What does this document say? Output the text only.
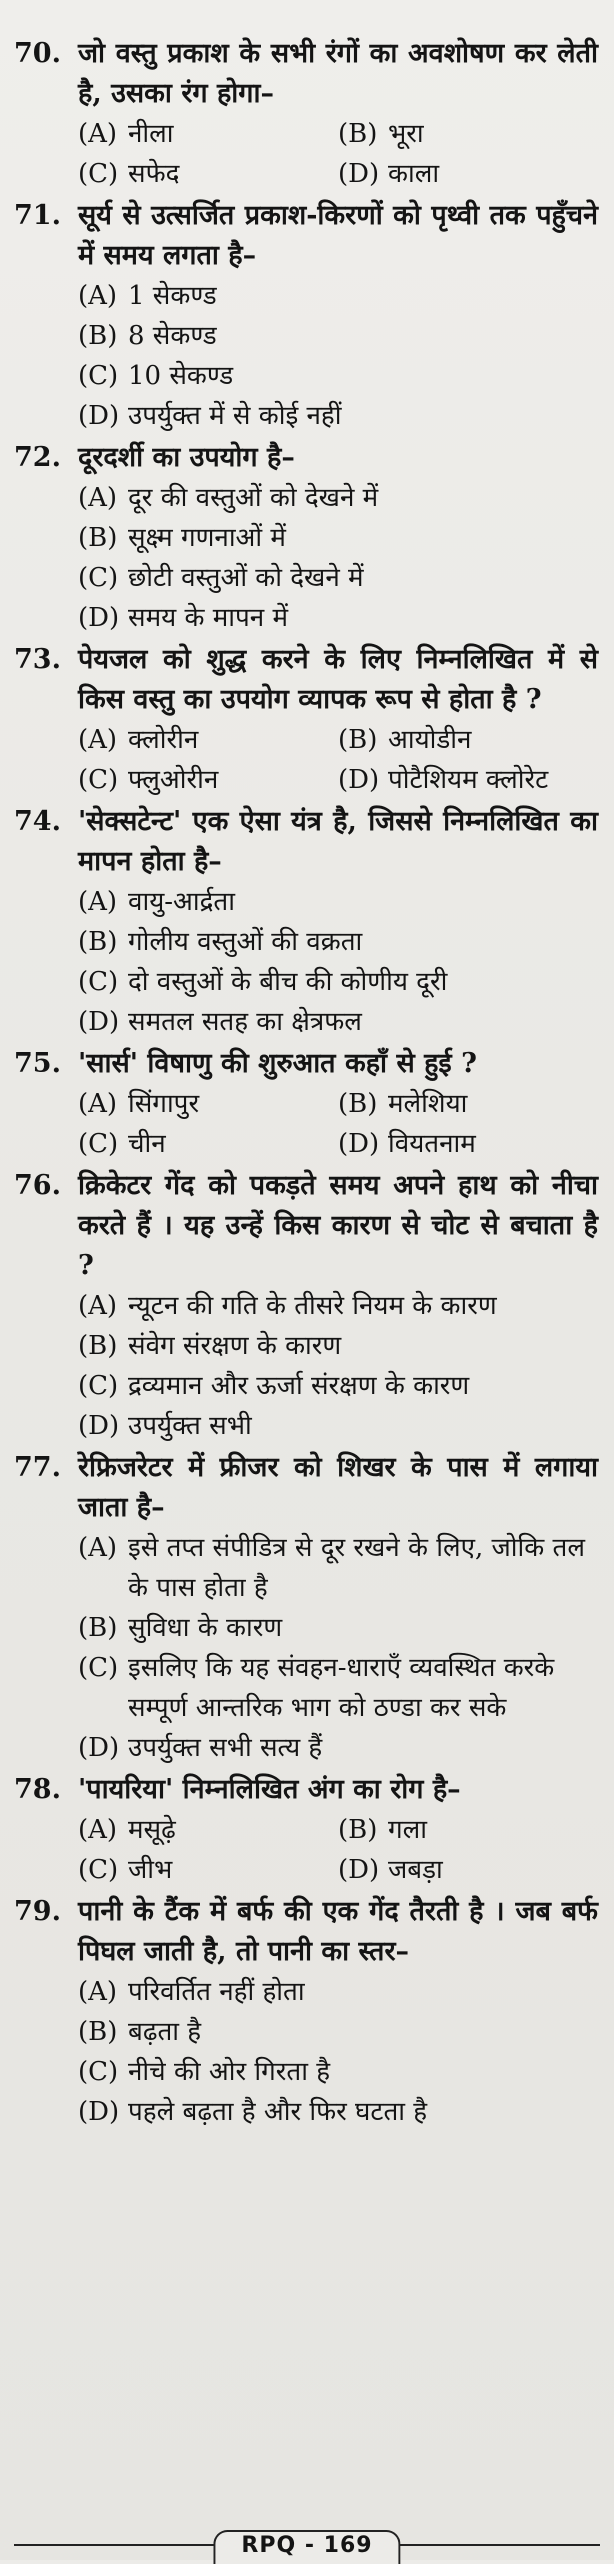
70. जो वस्तु प्रकाश के सभी रंगों का अवशोषण कर लेती है, उसका रंग होगा–
(A) नीला	(B) भूरा
(C) सफेद	(D) काला
71. सूर्य से उत्सर्जित प्रकाश-किरणों को पृथ्वी तक पहुँचने में समय लगता है–
(A) 1 सेकण्ड
(B) 8 सेकण्ड
(C) 10 सेकण्ड
(D) उपर्युक्त में से कोई नहीं
72. दूरदर्शी का उपयोग है–
(A) दूर की वस्तुओं को देखने में
(B) सूक्ष्म गणनाओं में
(C) छोटी वस्तुओं को देखने में
(D) समय के मापन में
73. पेयजल को शुद्ध करने के लिए निम्नलिखित में से किस वस्तु का उपयोग व्यापक रूप से होता है ?
(A) क्लोरीन	(B) आयोडीन
(C) फ्लुओरीन	(D) पोटैशियम क्लोरेट
74. 'सेक्सटेन्ट' एक ऐसा यंत्र है, जिससे निम्नलिखित का मापन होता है–
(A) वायु-आर्द्रता
(B) गोलीय वस्तुओं की वक्रता
(C) दो वस्तुओं के बीच की कोणीय दूरी
(D) समतल सतह का क्षेत्रफल
75. 'सार्स' विषाणु की शुरुआत कहाँ से हुई ?
(A) सिंगापुर	(B) मलेशिया
(C) चीन	(D) वियतनाम
76. क्रिकेटर गेंद को पकड़ते समय अपने हाथ को नीचा करते हैं । यह उन्हें किस कारण से चोट से बचाता है ?
(A) न्यूटन की गति के तीसरे नियम के कारण
(B) संवेग संरक्षण के कारण
(C) द्रव्यमान और ऊर्जा संरक्षण के कारण
(D) उपर्युक्त सभी
77. रेफ्रिजरेटर में फ्रीजर को शिखर के पास में लगाया जाता है–
(A) इसे तप्त संपीडित्र से दूर रखने के लिए, जोकि तल के पास होता है
(B) सुविधा के कारण
(C) इसलिए कि यह संवहन-धाराएँ व्यवस्थित करके सम्पूर्ण आन्तरिक भाग को ठण्डा कर सके
(D) उपर्युक्त सभी सत्य हैं
78. 'पायरिया' निम्नलिखित अंग का रोग है–
(A) मसूढ़े	(B) गला
(C) जीभ	(D) जबड़ा
79. पानी के टैंक में बर्फ की एक गेंद तैरती है । जब बर्फ पिघल जाती है, तो पानी का स्तर–
(A) परिवर्तित नहीं होता
(B) बढ़ता है
(C) नीचे की ओर गिरता है
(D) पहले बढ़ता है और फिर घटता है
RPQ - 169
